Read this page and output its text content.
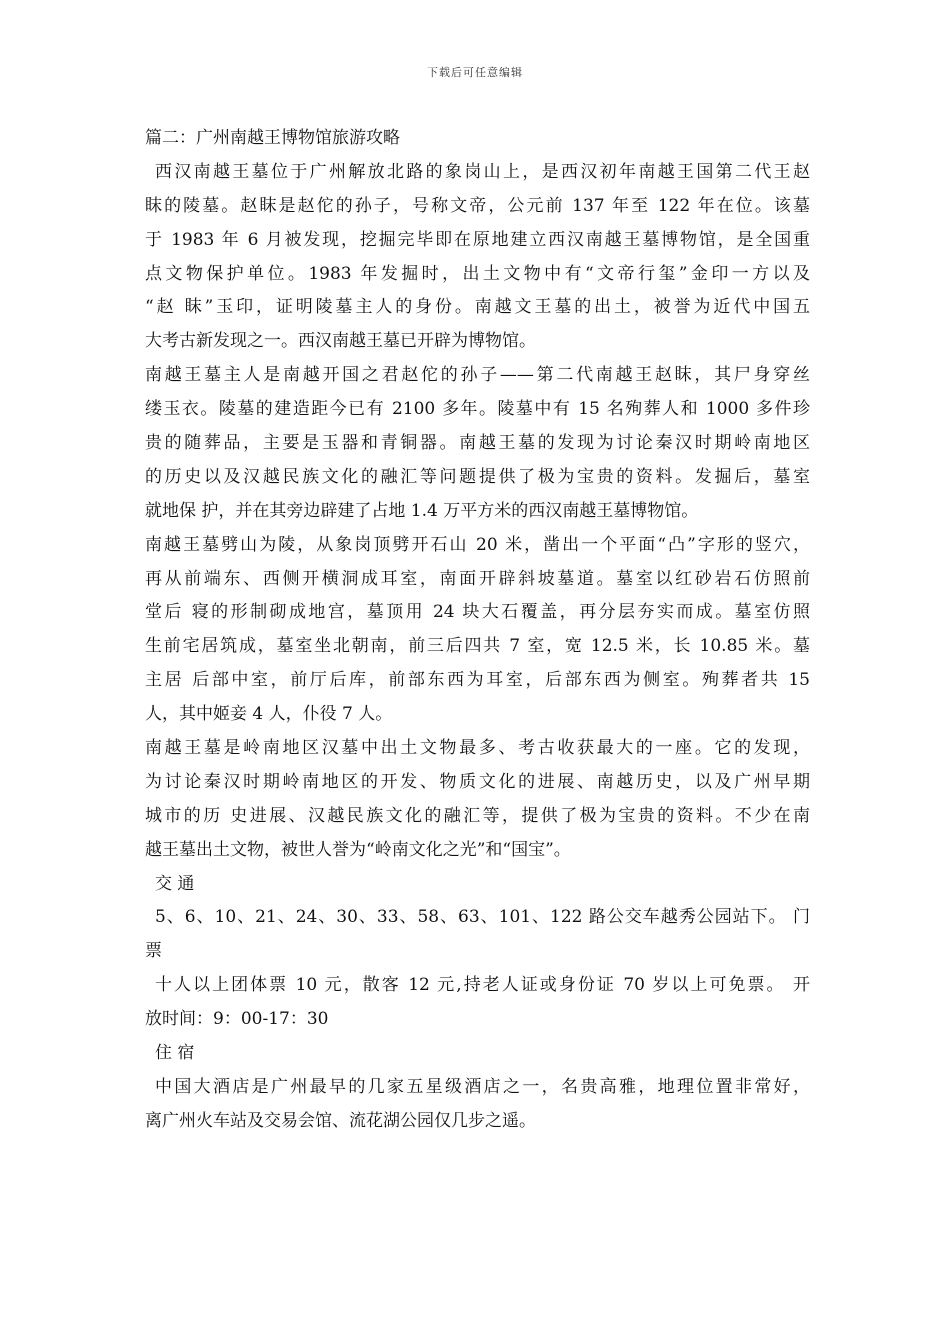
下载后可任意编辑
篇二：广州南越王博物馆旅游攻略
西汉南越王墓位于广州解放北路的象岗山上，是西汉初年南越王国第二代王赵
眜的陵墓。赵眜是赵佗的孙子，号称文帝，公元前 137 年至 122 年在位。该墓
于 1983 年 6 月被发现，挖掘完毕即在原地建立西汉南越王墓博物馆，是全国重
点文物保护单位。1983 年发掘时，出土文物中有“文帝行玺”金印一方以及
“赵 眜”玉印，证明陵墓主人的身份。南越文王墓的出土，被誉为近代中国五
大考古新发现之一。西汉南越王墓已开辟为博物馆。
南越王墓主人是南越开国之君赵佗的孙子——第二代南越王赵眜，其尸身穿丝
缕玉衣。陵墓的建造距今已有 2100 多年。陵墓中有 15 名殉葬人和 1000 多件珍
贵的随葬品，主要是玉器和青铜器。南越王墓的发现为讨论秦汉时期岭南地区
的历史以及汉越民族文化的融汇等问题提供了极为宝贵的资料。发掘后，墓室
就地保 护，并在其旁边辟建了占地 1.4 万平方米的西汉南越王墓博物馆。
南越王墓劈山为陵，从象岗顶劈开石山 20 米，凿出一个平面“凸”字形的竖穴，
再从前端东、西侧开横洞成耳室，南面开辟斜坡墓道。墓室以红砂岩石仿照前
堂后 寝的形制砌成地宫，墓顶用 24 块大石覆盖，再分层夯实而成。墓室仿照
生前宅居筑成，墓室坐北朝南，前三后四共 7 室，宽 12.5 米，长 10.85 米。墓
主居 后部中室，前厅后库，前部东西为耳室，后部东西为侧室。殉葬者共 15
人，其中姬妾 4 人，仆役 7 人。
南越王墓是岭南地区汉墓中出土文物最多、考古收获最大的一座。它的发现，
为讨论秦汉时期岭南地区的开发、物质文化的进展、南越历史，以及广州早期
城市的历 史进展、汉越民族文化的融汇等，提供了极为宝贵的资料。不少在南
越王墓出土文物，被世人誉为“岭南文化之光”和“国宝”。
交 通
5、6、10、21、24、30、33、58、63、101、122 路公交车越秀公园站下。 门
票
十人以上团体票 10 元，散客 12 元,持老人证或身份证 70 岁以上可免票。 开
放时间：9：00-17：30
住 宿
中国大酒店是广州最早的几家五星级酒店之一，名贵高雅，地理位置非常好，
离广州火车站及交易会馆、流花湖公园仅几步之遥。
